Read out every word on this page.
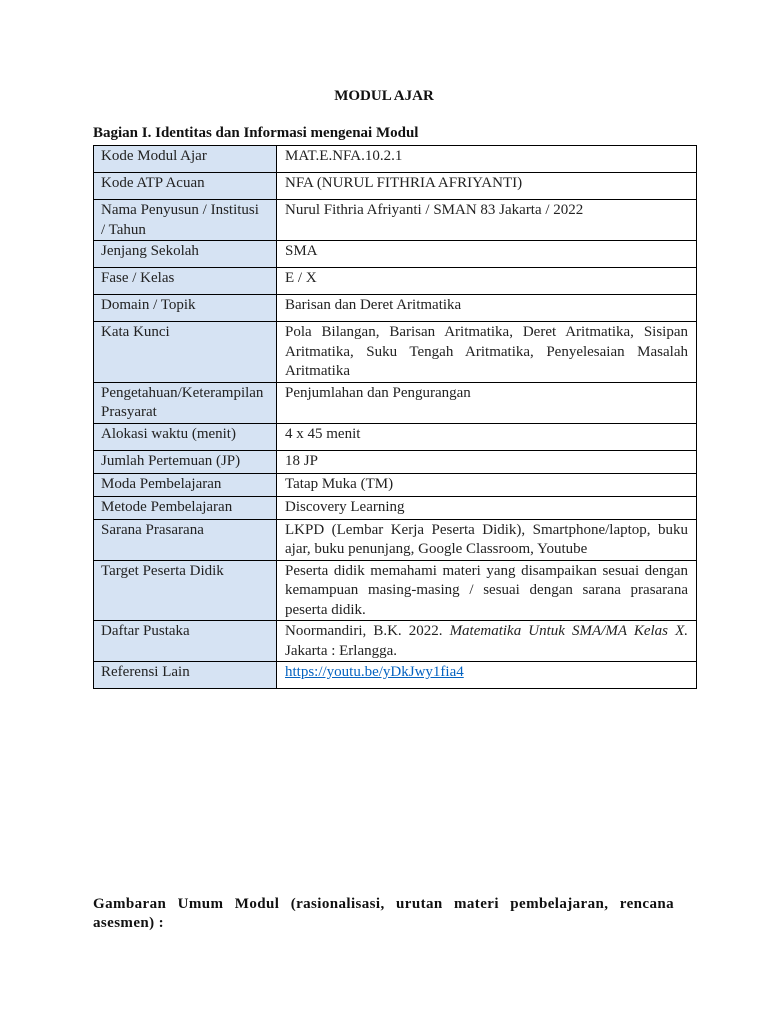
MODUL AJAR
Bagian I. Identitas dan Informasi mengenai Modul
Kode Modul Ajar	MAT.E.NFA.10.2.1
Kode ATP Acuan	NFA (NURUL FITHRIA AFRIYANTI)
Nama Penyusun / Institusi / Tahun	Nurul Fithria Afriyanti / SMAN 83 Jakarta / 2022
Jenjang Sekolah	SMA
Fase / Kelas	E / X
Domain / Topik	Barisan dan Deret Aritmatika
Kata Kunci	Pola Bilangan, Barisan Aritmatika, Deret Aritmatika, Sisipan Aritmatika, Suku Tengah Aritmatika, Penyelesaian Masalah Aritmatika
Pengetahuan/Keterampilan Prasyarat	Penjumlahan dan Pengurangan
Alokasi waktu (menit)	4 x 45 menit
Jumlah Pertemuan (JP)	18 JP
Moda Pembelajaran	Tatap Muka (TM)
Metode Pembelajaran	Discovery Learning
Sarana Prasarana	LKPD (Lembar Kerja Peserta Didik), Smartphone/laptop, buku ajar, buku penunjang, Google Classroom, Youtube
Target Peserta Didik	Peserta didik memahami materi yang disampaikan sesuai dengan kemampuan masing-masing / sesuai dengan sarana prasarana peserta didik.
Daftar Pustaka	Noormandiri, B.K. 2022. Matematika Untuk SMA/MA Kelas X. Jakarta : Erlangga.
Referensi Lain	https://youtu.be/yDkJwy1fia4

Gambaran Umum Modul (rasionalisasi, urutan materi pembelajaran, rencana asesmen) :
